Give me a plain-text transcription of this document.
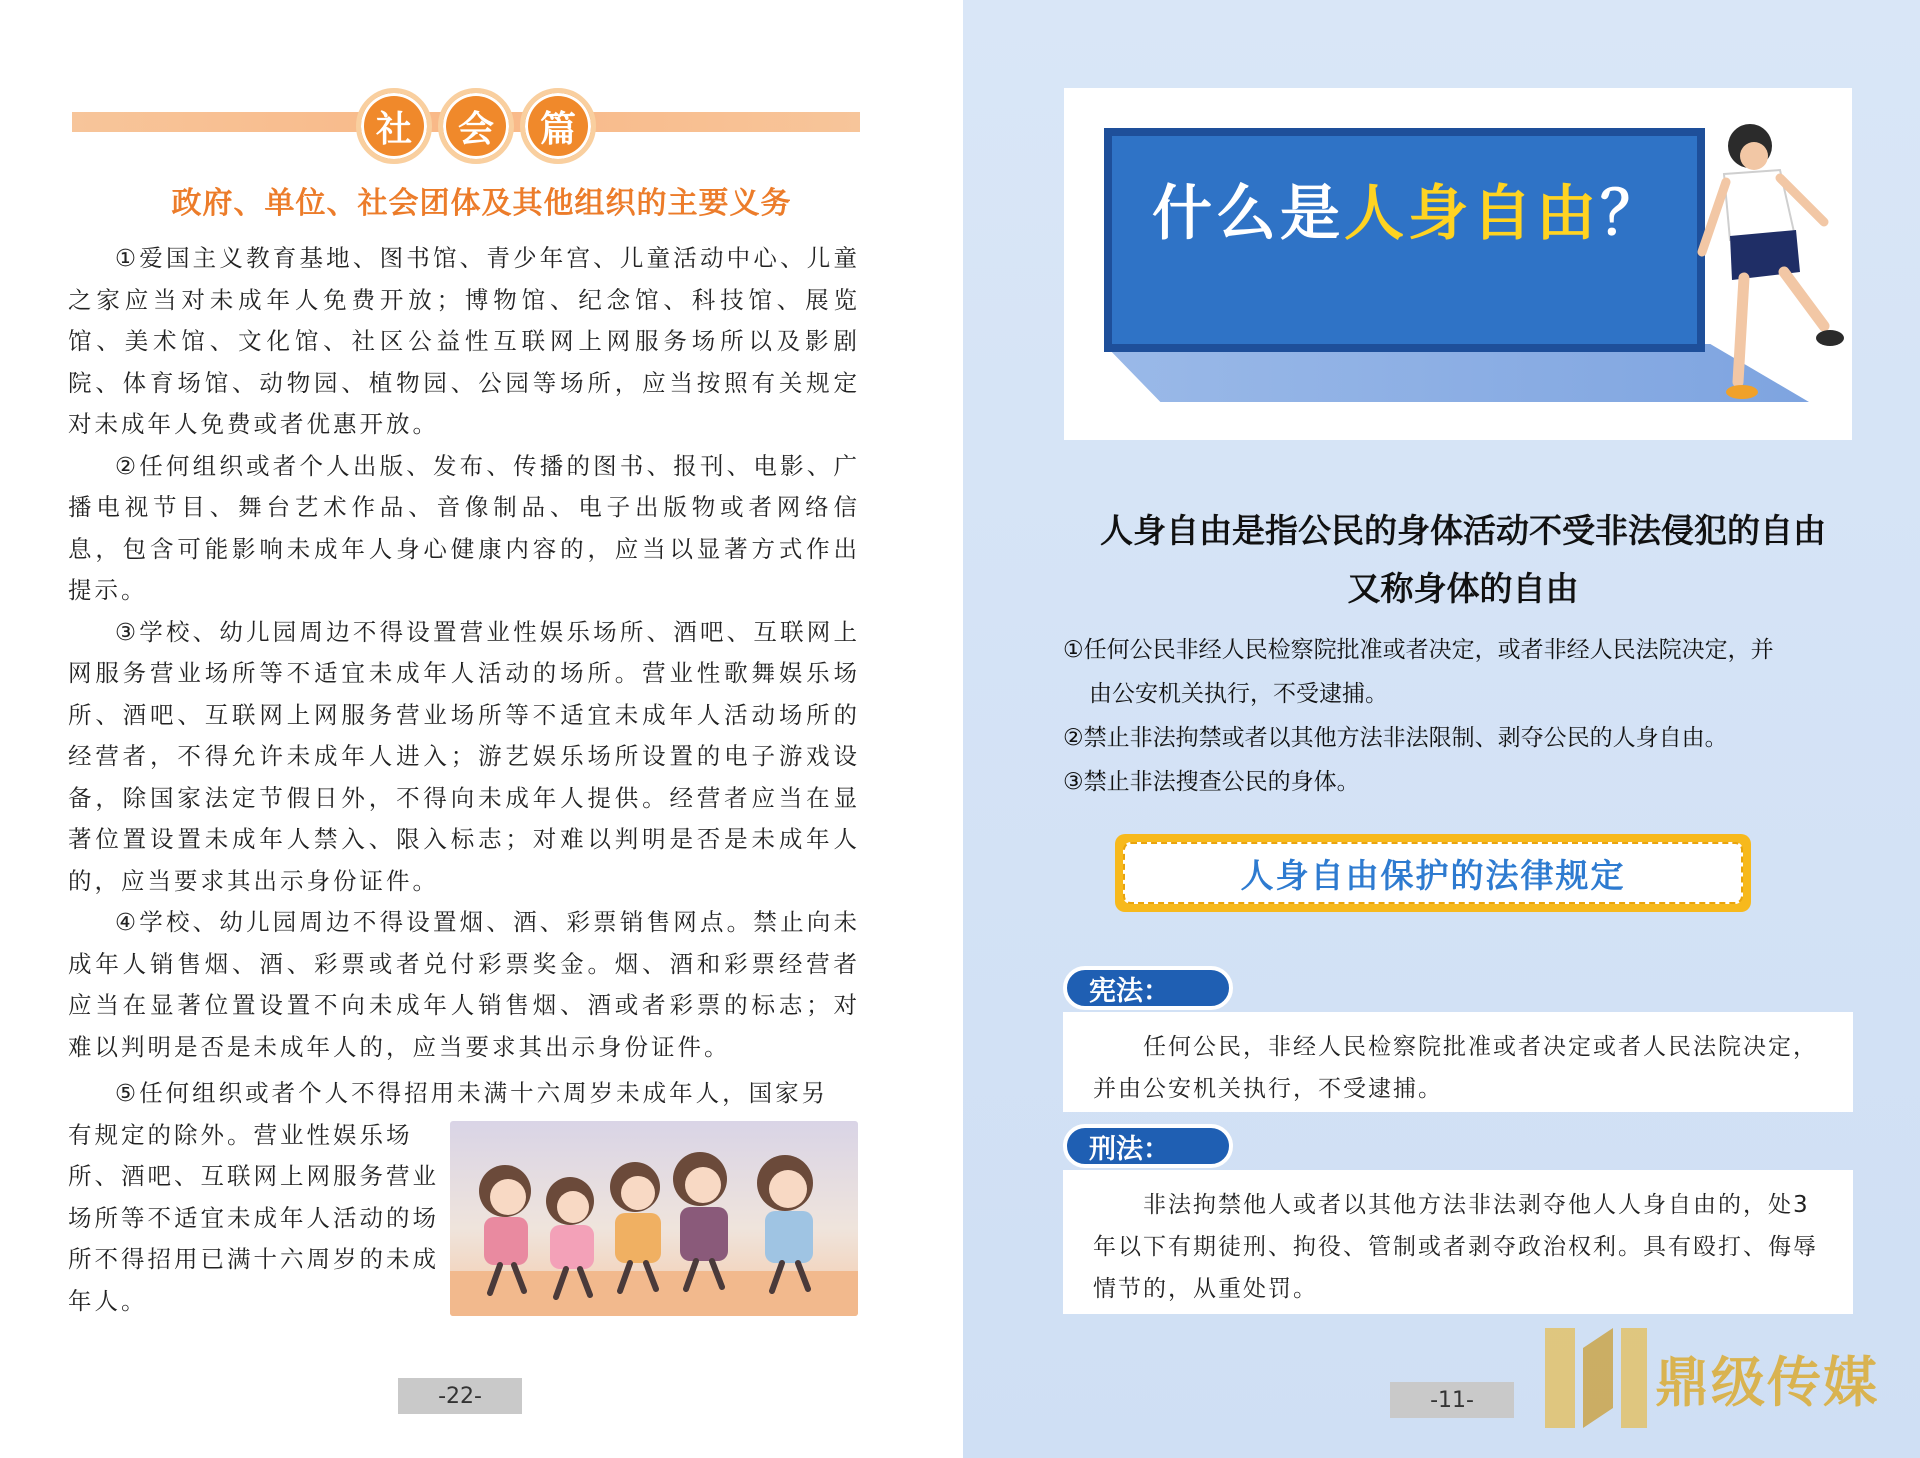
社	会	篇
政府、单位、社会团体及其他组织的主要义务

①爱国主义教育基地、图书馆、青少年宫、儿童活动中心、儿童之家应当对未成年人免费开放；博物馆、纪念馆、科技馆、展览馆、美术馆、文化馆、社区公益性互联网上网服务场所以及影剧院、体育场馆、动物园、植物园、公园等场所，应当按照有关规定对未成年人免费或者优惠开放。

②任何组织或者个人出版、发布、传播的图书、报刊、电影、广播电视节目、舞台艺术作品、音像制品、电子出版物或者网络信息，包含可能影响未成年人身心健康内容的，应当以显著方式作出提示。

③学校、幼儿园周边不得设置营业性娱乐场所、酒吧、互联网上网服务营业场所等不适宜未成年人活动的场所。营业性歌舞娱乐场所、酒吧、互联网上网服务营业场所等不适宜未成年人活动场所的经营者，不得允许未成年人进入；游艺娱乐场所设置的电子游戏设备，除国家法定节假日外，不得向未成年人提供。经营者应当在显著位置设置未成年人禁入、限入标志；对难以判明是否是未成年人的，应当要求其出示身份证件。

④学校、幼儿园周边不得设置烟、酒、彩票销售网点。禁止向未成年人销售烟、酒、彩票或者兑付彩票奖金。烟、酒和彩票经营者应当在显著位置设置不向未成年人销售烟、酒或者彩票的标志；对难以判明是否是未成年人的，应当要求其出示身份证件。

⑤任何组织或者个人不得招用未满十六周岁未成年人，国家另

有规定的除外。营业性娱乐场所、酒吧、互联网上网服务营业场所等不适宜未成年人活动的场所不得招用已满十六周岁的未成年人。

-22-
什么是人身自由？
人身自由是指公民的身体活动不受非法侵犯的自由
又称身体的自由

①任何公民非经人民检察院批准或者决定，或者非经人民法院决定，并

由公安机关执行，不受逮捕。

②禁止非法拘禁或者以其他方法非法限制、剥夺公民的人身自由。

③禁止非法搜查公民的身体。

人身自由保护的法律规定
宪法：

任何公民，非经人民检察院批准或者决定或者人民法院决定，并由公安机关执行，不受逮捕。

刑法：

非法拘禁他人或者以其他方法非法剥夺他人人身自由的，处3年以下有期徒刑、拘役、管制或者剥夺政治权利。具有殴打、侮辱情节的，从重处罚。

-11-	鼎级传媒
